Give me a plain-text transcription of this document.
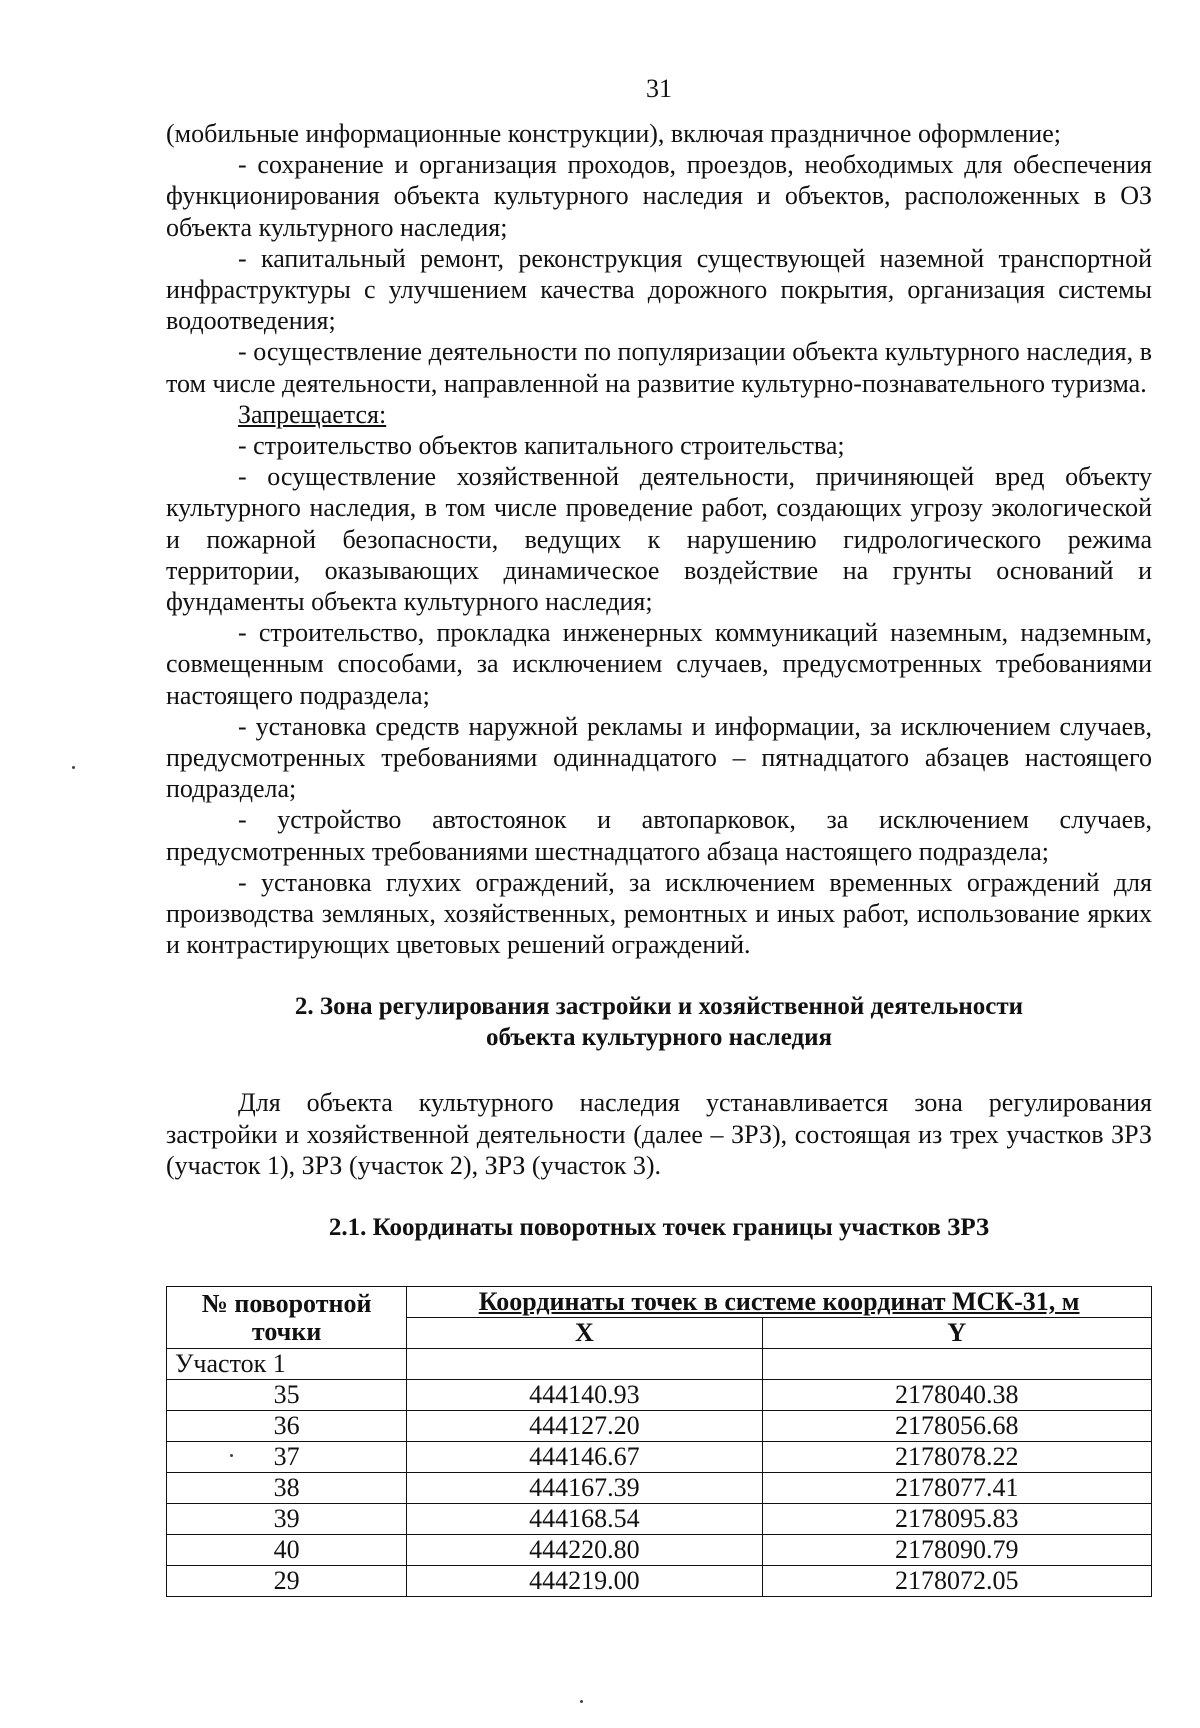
31

(мобильные информационные конструкции), включая праздничное оформление;

- сохранение и организация проходов, проездов, необходимых для обеспечения функционирования объекта культурного наследия и объектов, расположенных в ОЗ объекта культурного наследия;

- капитальный ремонт, реконструкция существующей наземной транспортной инфраструктуры с улучшением качества дорожного покрытия, организация системы водоотведения;

- осуществление деятельности по популяризации объекта культурного наследия, в том числе деятельности, направленной на развитие культурно-познавательного туризма.

Запрещается:

- строительство объектов капитального строительства;

- осуществление хозяйственной деятельности, причиняющей вред объекту культурного наследия, в том числе проведение работ, создающих угрозу экологической и пожарной безопасности, ведущих к нарушению гидрологического режима территории, оказывающих динамическое воздействие на грунты оснований и фундаменты объекта культурного наследия;

- строительство, прокладка инженерных коммуникаций наземным, надземным, совмещенным способами, за исключением случаев, предусмотренных требованиями настоящего подраздела;

- установка средств наружной рекламы и информации, за исключением случаев, предусмотренных требованиями одиннадцатого – пятнадцатого абзацев настоящего подраздела;

- устройство автостоянок и автопарковок, за исключением случаев, предусмотренных требованиями шестнадцатого абзаца настоящего подраздела;

- установка глухих ограждений, за исключением временных ограждений для производства земляных, хозяйственных, ремонтных и иных работ, использование ярких и контрастирующих цветовых решений ограждений.

2. Зона регулирования застройки и хозяйственной деятельности
объекта культурного наследия

Для объекта культурного наследия устанавливается зона регулирования застройки и хозяйственной деятельности (далее – ЗРЗ), состоящая из трех участков ЗРЗ (участок 1), ЗРЗ (участок 2), ЗРЗ (участок 3).

2.1. Координаты поворотных точек границы участков ЗРЗ
№ поворотной
точки	Координаты точек в системе координат МСК-31, м	
	X	Y
Участок 1		
35	444140.93	2178040.38
36	444127.20	2178056.68
37	444146.67	2178078.22
38	444167.39	2178077.41
39	444168.54	2178095.83
40	444220.80	2178090.79
29	444219.00	2178072.05
